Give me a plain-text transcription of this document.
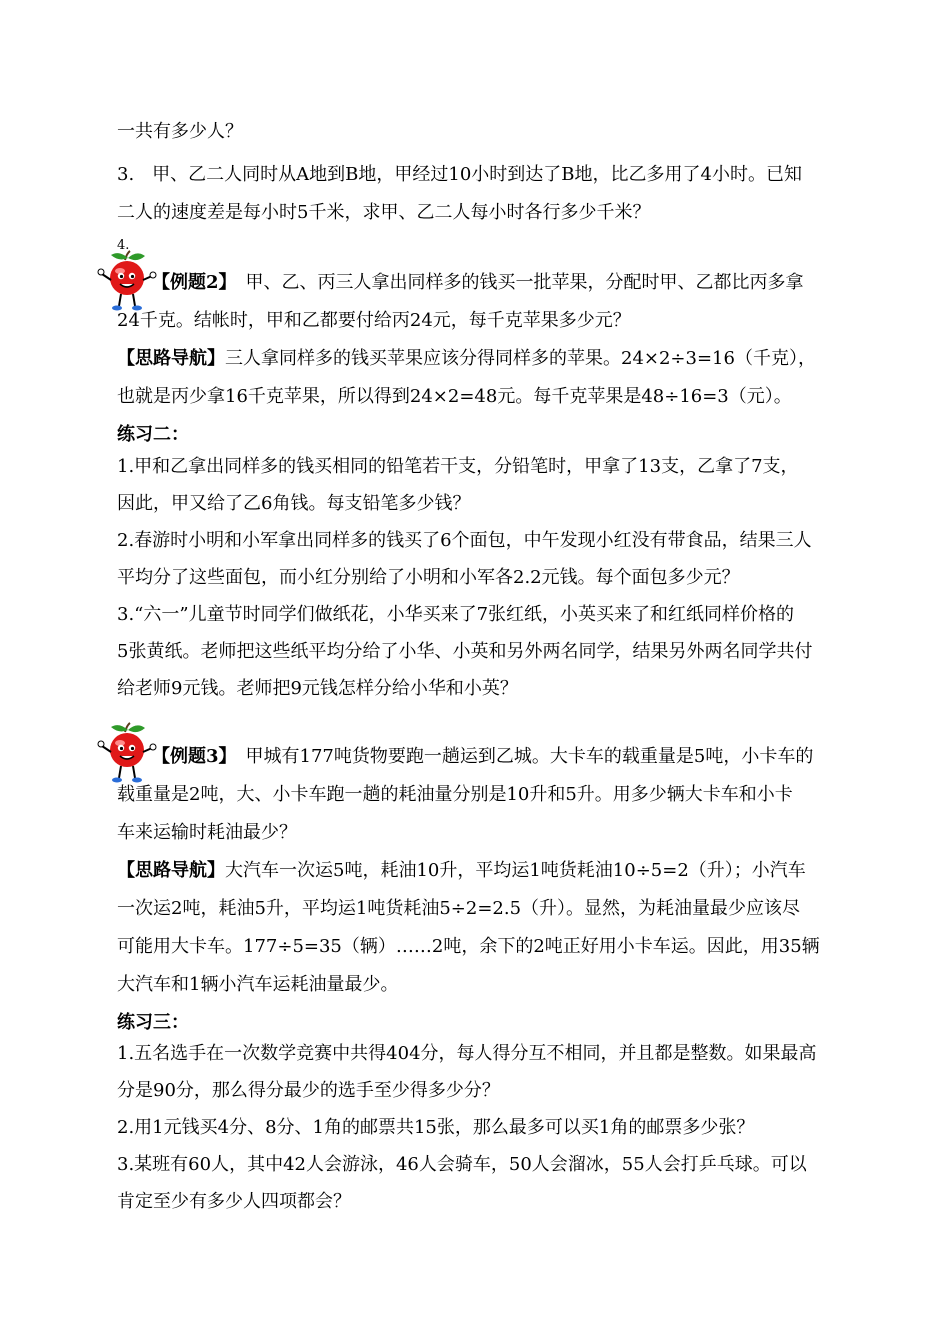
一共有多少人？
3.　甲、乙二人同时从A地到B地，甲经过10小时到达了B地，比乙多用了4小时。已知
二人的速度差是每小时5千米，求甲、乙二人每小时各行多少千米？
4.
【例题2】　 甲、乙、丙三人拿出同样多的钱买一批苹果，分配时甲、乙都比丙多拿
24千克。结帐时，甲和乙都要付给丙24元，每千克苹果多少元？
【思路导航】三人拿同样多的钱买苹果应该分得同样多的苹果。24×2÷3=16（千克），
也就是丙少拿16千克苹果，所以得到24×2=48元。每千克苹果是48÷16=3（元）。
练习二：
1.甲和乙拿出同样多的钱买相同的铅笔若干支，分铅笔时，甲拿了13支，乙拿了7支，
因此，甲又给了乙6角钱。每支铅笔多少钱？
2.春游时小明和小军拿出同样多的钱买了6个面包，中午发现小红没有带食品，结果三人
平均分了这些面包，而小红分别给了小明和小军各2.2元钱。每个面包多少元？
3.“六一”儿童节时同学们做纸花，小华买来了7张红纸，小英买来了和红纸同样价格的
5张黄纸。老师把这些纸平均分给了小华、小英和另外两名同学，结果另外两名同学共付
给老师9元钱。老师把9元钱怎样分给小华和小英？
【例题3】　 甲城有177吨货物要跑一趟运到乙城。大卡车的载重量是5吨，小卡车的
载重量是2吨，大、小卡车跑一趟的耗油量分别是10升和5升。用多少辆大卡车和小卡
车来运输时耗油最少？
【思路导航】大汽车一次运5吨，耗油10升，平均运1吨货耗油10÷5=2（升）；小汽车
一次运2吨，耗油5升，平均运1吨货耗油5÷2=2.5（升）。显然，为耗油量最少应该尽
可能用大卡车。177÷5=35（辆）……2吨，余下的2吨正好用小卡车运。因此，用35辆
大汽车和1辆小汽车运耗油量最少。
练习三：
1.五名选手在一次数学竞赛中共得404分，每人得分互不相同，并且都是整数。如果最高
分是90分，那么得分最少的选手至少得多少分？
2.用1元钱买4分、8分、1角的邮票共15张，那么最多可以买1角的邮票多少张？
3.某班有60人，其中42人会游泳，46人会骑车，50人会溜冰，55人会打乒乓球。可以
肯定至少有多少人四项都会？
